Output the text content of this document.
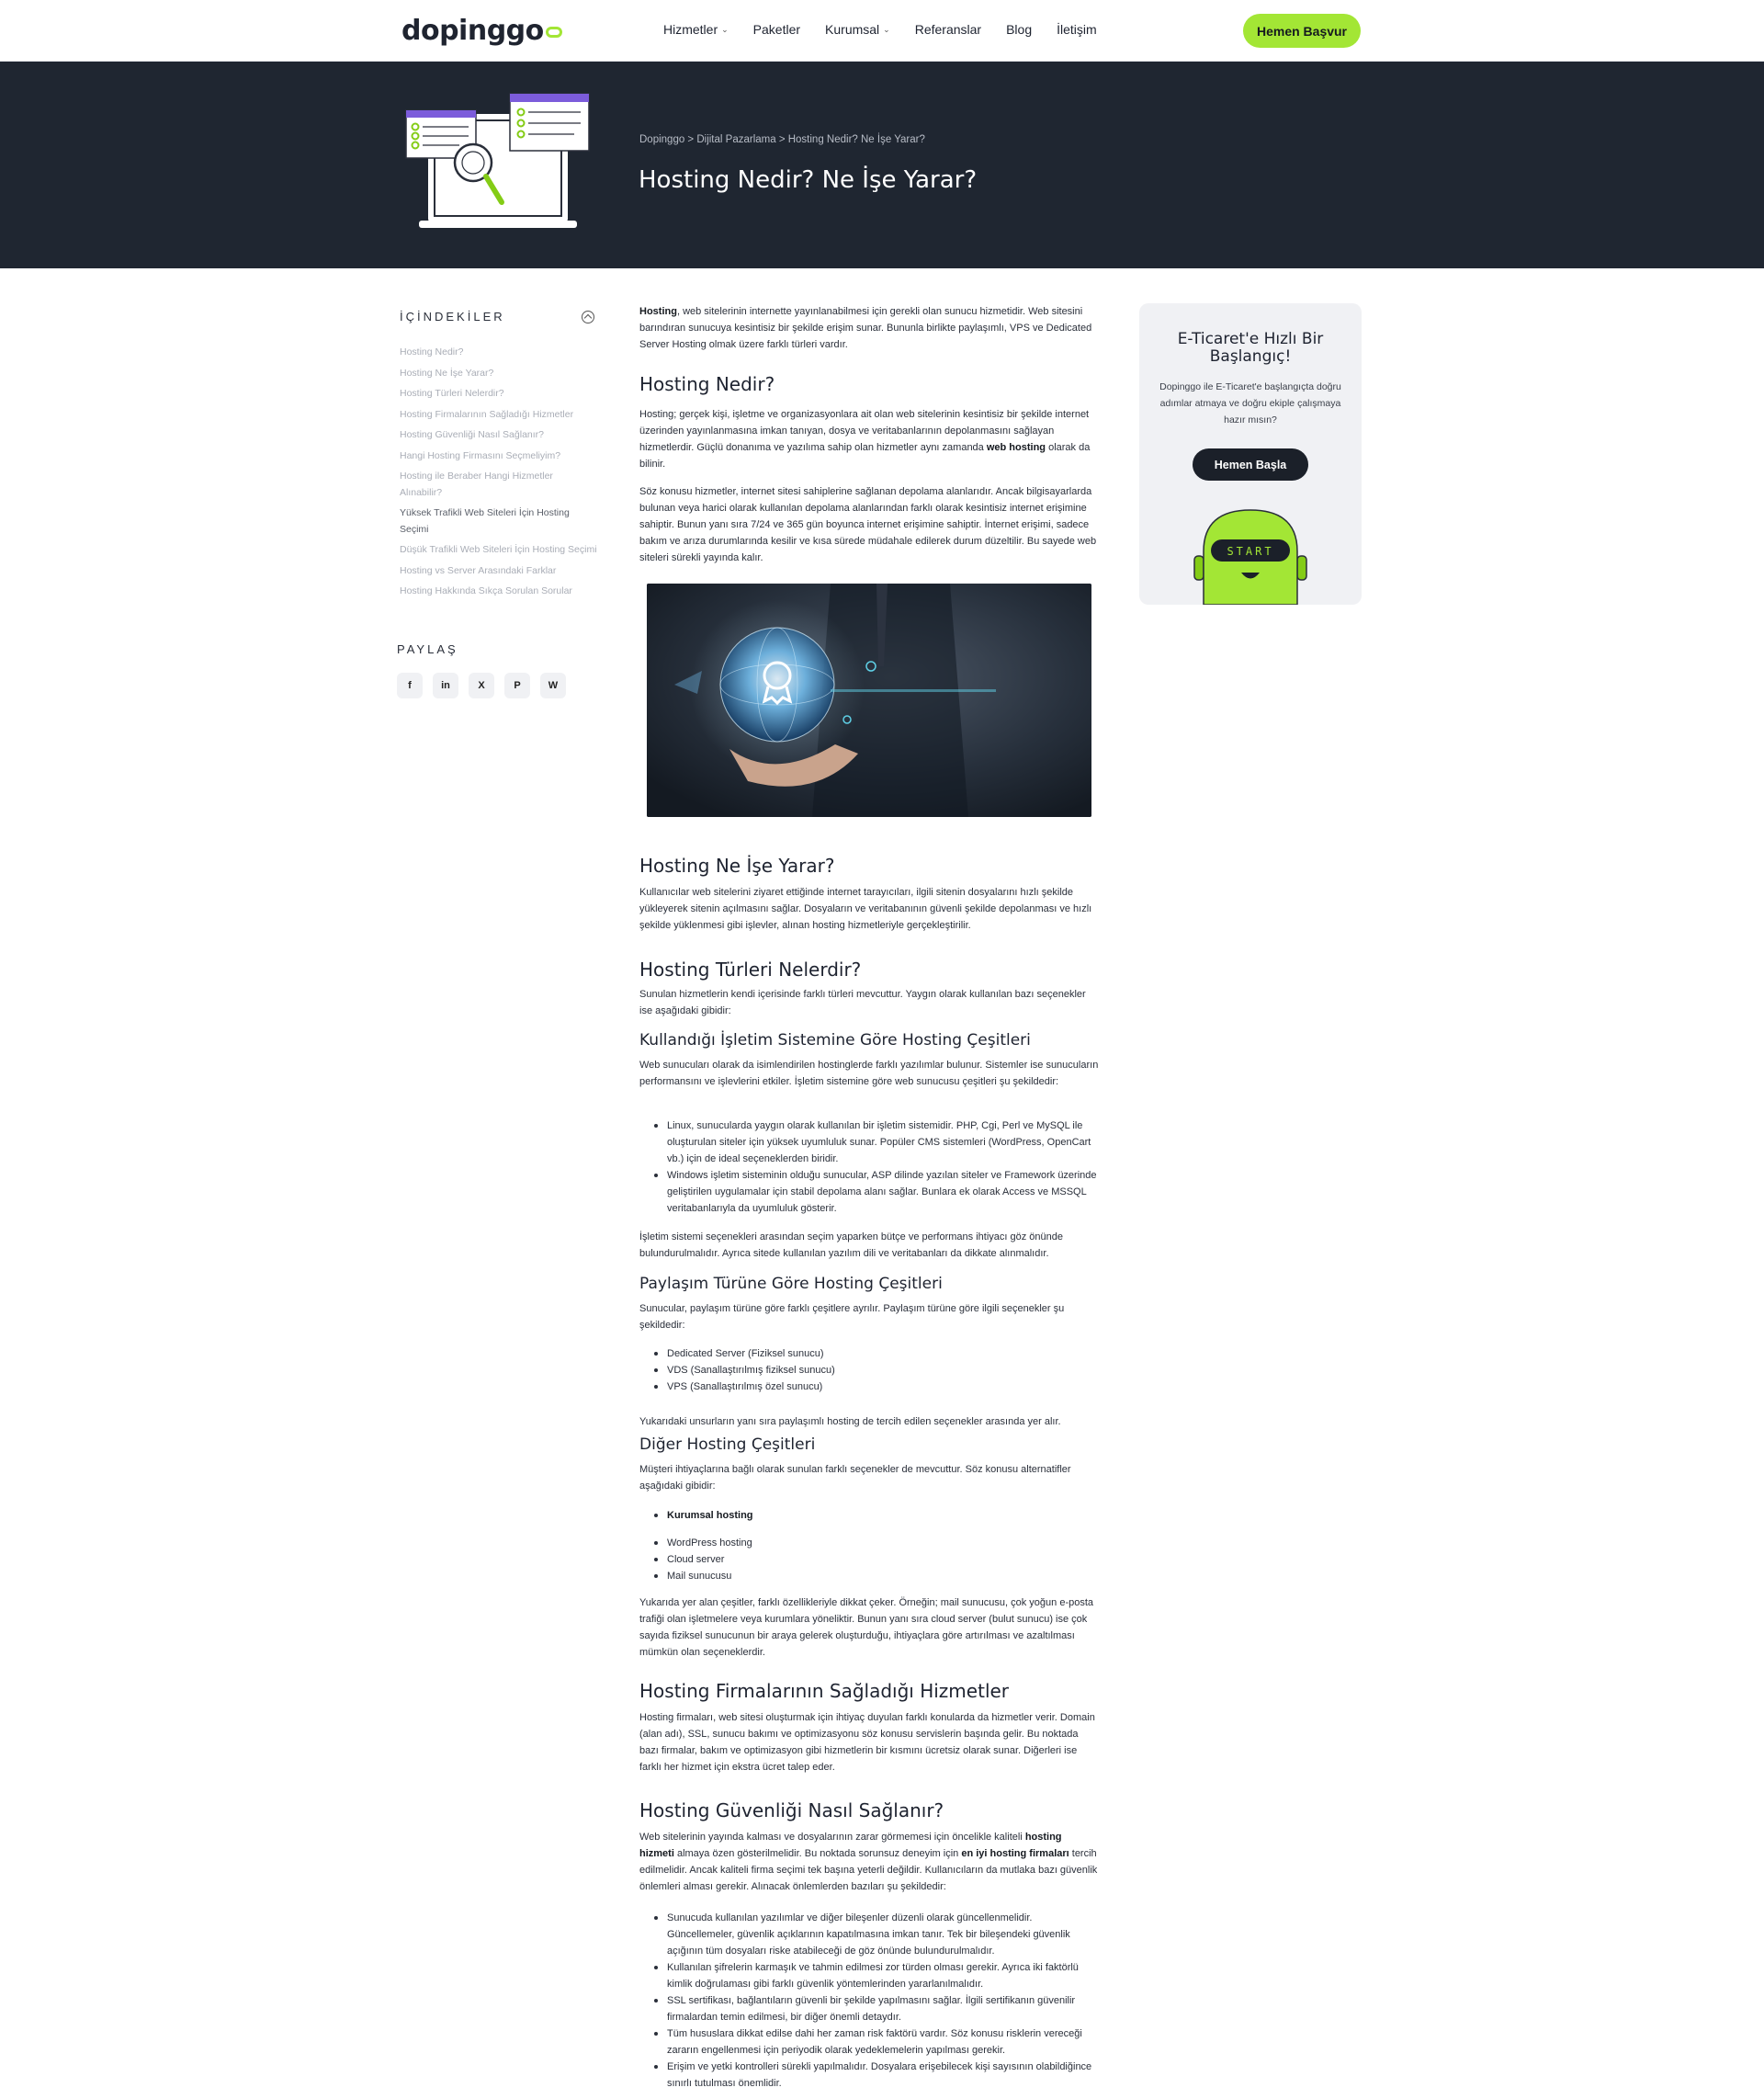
dopinggo	Hizmetler ⌄ Paketler Kurumsal ⌄ Referanslar Blog İletişim	Hemen Başvur
Dopinggo > Dijital Pazarlama > Hosting Nedir? Ne İşe Yarar?
Hosting Nedir? Ne İşe Yarar?
İÇİNDEKİLER
Hosting Nedir?
Hosting Ne İşe Yarar?
Hosting Türleri Nelerdir?
Hosting Firmalarının Sağladığı Hizmetler
Hosting Güvenliği Nasıl Sağlanır?
Hangi Hosting Firmasını Seçmeliyim?
Hosting ile Beraber Hangi Hizmetler Alınabilir?
Yüksek Trafikli Web Siteleri İçin Hosting Seçimi
Düşük Trafikli Web Siteleri İçin Hosting Seçimi
Hosting vs Server Arasındaki Farklar
Hosting Hakkında Sıkça Sorulan Sorular
PAYLAŞ
f	in	X	P	W

Hosting, web sitelerinin internette yayınlanabilmesi için gerekli olan sunucu hizmetidir. Web sitesini barındıran sunucuya kesintisiz bir şekilde erişim sunar. Bununla birlikte paylaşımlı, VPS ve Dedicated Server Hosting olmak üzere farklı türleri vardır.

Hosting Nedir?

Hosting; gerçek kişi, işletme ve organizasyonlara ait olan web sitelerinin kesintisiz bir şekilde internet üzerinden yayınlanmasına imkan tanıyan, dosya ve veritabanlarının depolanmasını sağlayan hizmetlerdir. Güçlü donanıma ve yazılıma sahip olan hizmetler aynı zamanda web hosting olarak da bilinir.

Söz konusu hizmetler, internet sitesi sahiplerine sağlanan depolama alanlarıdır. Ancak bilgisayarlarda bulunan veya harici olarak kullanılan depolama alanlarından farklı olarak kesintisiz internet erişimine sahiptir. Bunun yanı sıra 7/24 ve 365 gün boyunca internet erişimine sahiptir. İnternet erişimi, sadece bakım ve arıza durumlarında kesilir ve kısa sürede müdahale edilerek durum düzeltilir. Bu sayede web siteleri sürekli yayında kalır.

Hosting Ne İşe Yarar?

Kullanıcılar web sitelerini ziyaret ettiğinde internet tarayıcıları, ilgili sitenin dosyalarını hızlı şekilde yükleyerek sitenin açılmasını sağlar. Dosyaların ve veritabanının güvenli şekilde depolanması ve hızlı şekilde yüklenmesi gibi işlevler, alınan hosting hizmetleriyle gerçekleştirilir.

Hosting Türleri Nelerdir?

Sunulan hizmetlerin kendi içerisinde farklı türleri mevcuttur. Yaygın olarak kullanılan bazı seçenekler ise aşağıdaki gibidir:

Kullandığı İşletim Sistemine Göre Hosting Çeşitleri

Web sunucuları olarak da isimlendirilen hostinglerde farklı yazılımlar bulunur. Sistemler ise sunucuların performansını ve işlevlerini etkiler. İşletim sistemine göre web sunucusu çeşitleri şu şekildedir:

Linux, sunucularda yaygın olarak kullanılan bir işletim sistemidir. PHP, Cgi, Perl ve MySQL ile oluşturulan siteler için yüksek uyumluluk sunar. Popüler CMS sistemleri (WordPress, OpenCart vb.) için de ideal seçeneklerden biridir.
Windows işletim sisteminin olduğu sunucular, ASP dilinde yazılan siteler ve Framework üzerinde geliştirilen uygulamalar için stabil depolama alanı sağlar. Bunlara ek olarak Access ve MSSQL veritabanlarıyla da uyumluluk gösterir.

İşletim sistemi seçenekleri arasından seçim yaparken bütçe ve performans ihtiyacı göz önünde bulundurulmalıdır. Ayrıca sitede kullanılan yazılım dili ve veritabanları da dikkate alınmalıdır.

Paylaşım Türüne Göre Hosting Çeşitleri

Sunucular, paylaşım türüne göre farklı çeşitlere ayrılır. Paylaşım türüne göre ilgili seçenekler şu şekildedir:

Dedicated Server (Fiziksel sunucu)
VDS (Sanallaştırılmış fiziksel sunucu)
VPS (Sanallaştırılmış özel sunucu)

Yukarıdaki unsurların yanı sıra paylaşımlı hosting de tercih edilen seçenekler arasında yer alır.

Diğer Hosting Çeşitleri

Müşteri ihtiyaçlarına bağlı olarak sunulan farklı seçenekler de mevcuttur. Söz konusu alternatifler aşağıdaki gibidir:

Kurumsal hosting
WordPress hosting
Cloud server
Mail sunucusu

Yukarıda yer alan çeşitler, farklı özellikleriyle dikkat çeker. Örneğin; mail sunucusu, çok yoğun e-posta trafiği olan işletmelere veya kurumlara yöneliktir. Bunun yanı sıra cloud server (bulut sunucu) ise çok sayıda fiziksel sunucunun bir araya gelerek oluşturduğu, ihtiyaçlara göre artırılması ve azaltılması mümkün olan seçeneklerdir.

Hosting Firmalarının Sağladığı Hizmetler

Hosting firmaları, web sitesi oluşturmak için ihtiyaç duyulan farklı konularda da hizmetler verir. Domain (alan adı), SSL, sunucu bakımı ve optimizasyonu söz konusu servislerin başında gelir. Bu noktada bazı firmalar, bakım ve optimizasyon gibi hizmetlerin bir kısmını ücretsiz olarak sunar. Diğerleri ise farklı her hizmet için ekstra ücret talep eder.

Hosting Güvenliği Nasıl Sağlanır?

Web sitelerinin yayında kalması ve dosyalarının zarar görmemesi için öncelikle kaliteli hosting hizmeti almaya özen gösterilmelidir. Bu noktada sorunsuz deneyim için en iyi hosting firmaları tercih edilmelidir. Ancak kaliteli firma seçimi tek başına yeterli değildir. Kullanıcıların da mutlaka bazı güvenlik önlemleri alması gerekir. Alınacak önlemlerden bazıları şu şekildedir:

Sunucuda kullanılan yazılımlar ve diğer bileşenler düzenli olarak güncellenmelidir. Güncellemeler, güvenlik açıklarının kapatılmasına imkan tanır. Tek bir bileşendeki güvenlik açığının tüm dosyaları riske atabileceği de göz önünde bulundurulmalıdır.
Kullanılan şifrelerin karmaşık ve tahmin edilmesi zor türden olması gerekir. Ayrıca iki faktörlü kimlik doğrulaması gibi farklı güvenlik yöntemlerinden yararlanılmalıdır.
SSL sertifikası, bağlantıların güvenli bir şekilde yapılmasını sağlar. İlgili sertifikanın güvenilir firmalardan temin edilmesi, bir diğer önemli detaydır.
Tüm hususlara dikkat edilse dahi her zaman risk faktörü vardır. Söz konusu risklerin vereceği zararın engellenmesi için periyodik olarak yedeklemelerin yapılması gerekir.
Erişim ve yetki kontrolleri sürekli yapılmalıdır. Dosyalara erişebilecek kişi sayısının olabildiğince sınırlı tutulması önemlidir.
E-Ticaret'e Hızlı Bir Başlangıç!
Dopinggo ile E-Ticaret'e başlangıçta doğru adımlar atmaya ve doğru ekiple çalışmaya hazır mısın?
Hemen Başla
START
